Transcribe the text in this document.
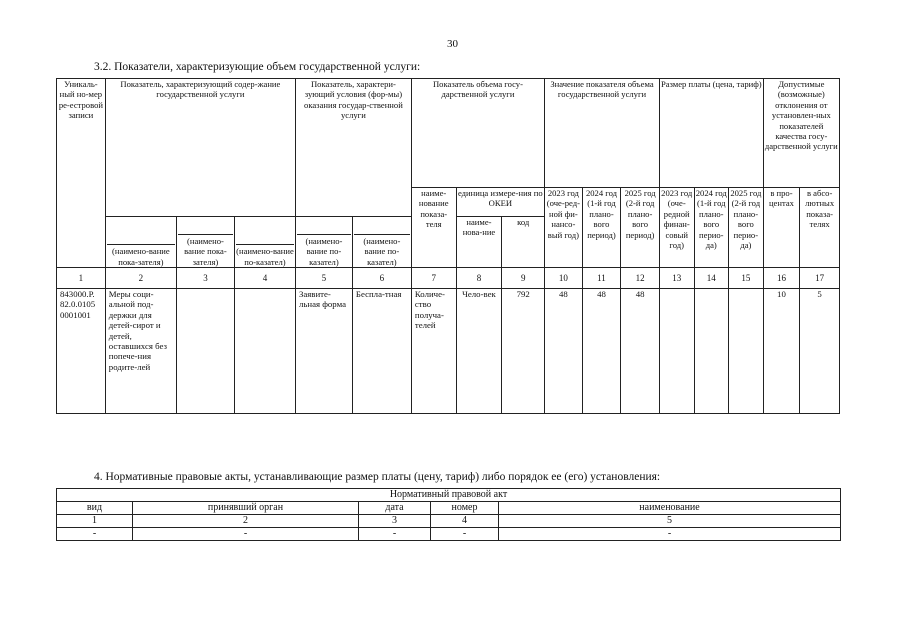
30
3.2. Показатели, характеризующие объем государственной услуги:
Уникаль-ный но-мер ре-естровой записи	Показатель, характеризующий содер-жание государственной услуги			Показатель, характери-зующий условия (фор-мы) оказания государ-ственной услуги		Показатель объема госу-дарственной услуги			Значение показателя объема государственной услуги			Размер платы (цена, тариф)			Допустимые (возможные) отклонения от установлен-ных показателей качества госу-дарственной услуги	
						наиме-нование показа-теля	единица измере-ния по ОКЕИ		2023 год (оче-ред-ной фи-нансо-вый год)	2024 год (1-й год плано-вого период)	2025 год (2-й год плано-вого период)	2023 год (оче-редной финан-совый год)	2024 год (1-й год плано-вого перио-да)	2025 год (2-й год плано-вого перио-да)	в про-центах	в абсо-лютных показа-телях
							наиме-нова-ние	код								
	(наимено-вание пока-зателя)	(наимено-вание пока-зателя)	(наимено-вание по-казател)	(наимено-вание по-казател)	(наимено-вание по-казател)											
1	2	3	4	5	6	7	8	9	10	11	12	13	14	15	16	17
843000.Р. 82.0.0105 0001001	Меры соци-альной под-держки для детей-сирот и детей, оставшихся без попече-ния родите-лей			Заявите-льная форма	Беспла-тная	Количе-ство получа-телей	Чело-век	792	48	48	48				10	5
4. Нормативные правовые акты, устанавливающие размер платы (цену, тариф) либо порядок ее (его) установления:
Нормативный правовой акт				
вид	принявший орган	дата	номер	наименование
1	2	3	4	5
-	-	-	-	-
